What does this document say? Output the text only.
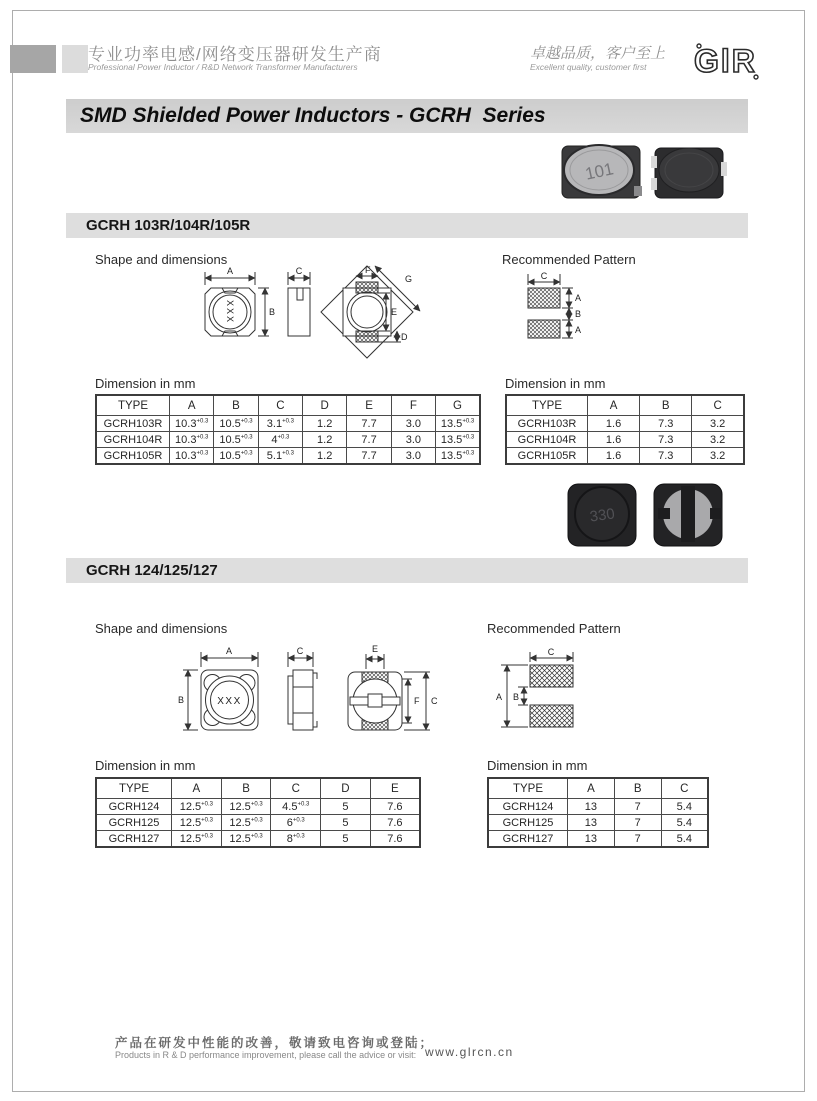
专业功率电感/网络变压器研发生产商
Professional Power Inductor / R&D Network Transformer Manufacturers
卓越品质，客户至上
Excellent quality, customer first GlR
SMD Shielded Power Inductors - GCRH  Series
101
GCRH 103R/104R/105R
Shape and dimensions	Recommended Pattern
A
B
C	F
G
E
D
XXX
C
A
B
A
Dimension in mm	Dimension in mm
TYPE	A	B	C	D	E	F	G
GCRH103R	$10.3^{+0.3}$	$10.5^{+0.3}$	$3.1^{+0.3}$	1.2	7.7	3.0	$13.5^{+0.3}$
GCRH104R	$10.3^{+0.3}$	$10.5^{+0.3}$	$4^{+0.3}$	1.2	7.7	3.0	$13.5^{+0.3}$
GCRH105R	$10.3^{+0.3}$	$10.5^{+0.3}$	$5.1^{+0.3}$	1.2	7.7	3.0	$13.5^{+0.3}$
TYPE	A	B	C
GCRH103R	1.6	7.3	3.2
GCRH104R	1.6	7.3	3.2
GCRH105R	1.6	7.3	3.2
330
GCRH 124/125/127
Shape and dimensions	Recommended Pattern
A
B
C	E
F C
XXX
C
A B
Dimension in mm	Dimension in mm
TYPE	A	B	C	D	E
GCRH124	$12.5^{+0.3}$	$12.5^{+0.3}$	$4.5^{+0.3}$	5	7.6
GCRH125	$12.5^{+0.3}$	$12.5^{+0.3}$	$6^{+0.3}$	5	7.6
GCRH127	$12.5^{+0.3}$	$12.5^{+0.3}$	$8^{+0.3}$	5	7.6
TYPE	A	B	C
GCRH124	13	7	5.4
GCRH125	13	7	5.4
GCRH127	13	7	5.4
产品在研发中性能的改善，敬请致电咨询或登陆；
Products in R & D performance improvement, please call the advice or visit: www.glrcn.cn
